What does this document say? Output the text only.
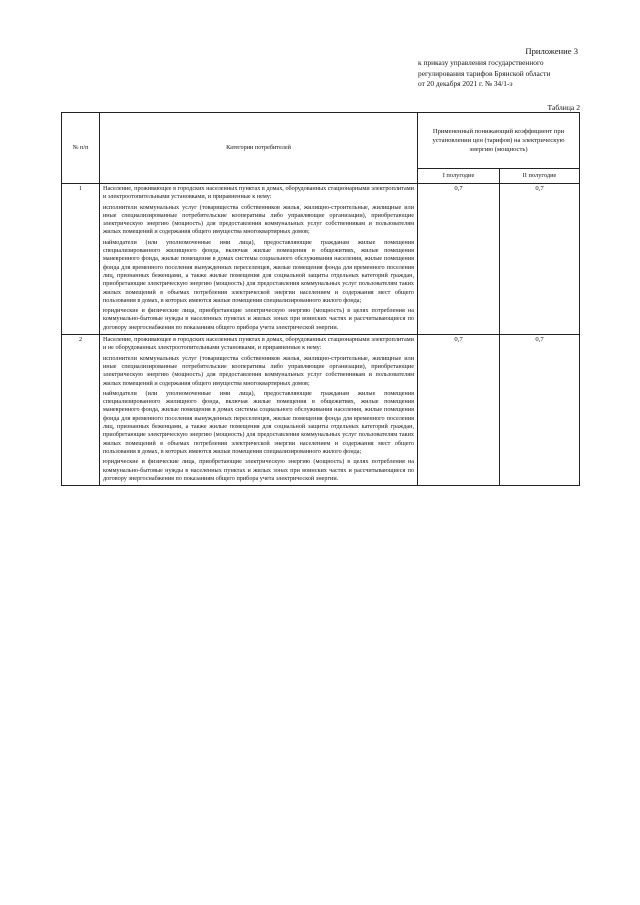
Приложение 3
к приказу управления государственного
регулирования тарифов Брянской области
от 20 декабря 2021 г. № 34/1-э
Таблица 2
№ п/п	Категории потребителей	Примененный понижающий коэффициент при установлении цен (тарифов) на электрическую энергию (мощность)	
		I полугодие	II полугодие
1	Население, проживающее в городских населенных пунктах в домах, оборудованных стационарными электроплитами и электроотопительными установками, и приравненные к нему:

исполнители коммунальных услуг (товарищества собственников жилья, жилищно-строительные, жилищные или иные специализированные потребительские кооперативы либо управляющие организации), приобретающие электрическую энергию (мощность) для предоставления коммунальных услуг собственникам и пользователям жилых помещений и содержания общего имущества многоквартирных домов;

наймодатели (или уполномоченные ими лица), предоставляющие гражданам жилые помещения специализированного жилищного фонда, включая жилые помещения в общежитиях, жилые помещения маневренного фонда, жилые помещения в домах системы социального обслуживания населения, жилые помещения фонда для временного поселения вынужденных переселенцев, жилые помещения фонда для временного поселения лиц, признанных беженцами, а также жилые помещения для социальной защиты отдельных категорий граждан, приобретающие электрическую энергию (мощность) для предоставления коммунальных услуг пользователям таких жилых помещений в объемах потребления электрической энергии населением и содержания мест общего пользования в домах, в которых имеются жилые помещения специализированного жилого фонда;

юридические и физические лица, приобретающие электрическую энергию (мощность) в целях потребления на коммунально-бытовые нужды в населенных пунктах и жилых зонах при воинских частях и рассчитывающиеся по договору энергоснабжения по показаниям общего прибора учета электрической энергии.	0,7	0,7
2	Население, проживающее в городских населенных пунктах в домах, оборудованных стационарными электроплитами и не оборудованных электроотопительными установками, и приравненные к нему:

исполнители коммунальных услуг (товарищества собственников жилья, жилищно-строительные, жилищные или иные специализированные потребительские кооперативы либо управляющие организации), приобретающие электрическую энергию (мощность) для предоставления коммунальных услуг собственникам и пользователям жилых помещений и содержания общего имущества многоквартирных домов;

наймодатели (или уполномоченные ими лица), предоставляющие гражданам жилые помещения специализированного жилищного фонда, включая жилые помещения в общежитиях, жилые помещения маневренного фонда, жилые помещения в домах системы социального обслуживания населения, жилые помещения фонда для временного поселения вынужденных переселенцев, жилые помещения фонда для временного поселения лиц, признанных беженцами, а также жилые помещения для социальной защиты отдельных категорий граждан, приобретающие электрическую энергию (мощность) для предоставления коммунальных услуг пользователям таких жилых помещений в объемах потребления электрической энергии населением и содержания мест общего пользования в домах, в которых имеются жилые помещения специализированного жилого фонда;

юридические и физические лица, приобретающие электрическую энергию (мощность) в целях потребления на коммунально-бытовые нужды в населенных пунктах и жилых зонах при воинских частях и рассчитывающиеся по договору энергоснабжения по показаниям общего прибора учета электрической энергии.	0,7	0,7
